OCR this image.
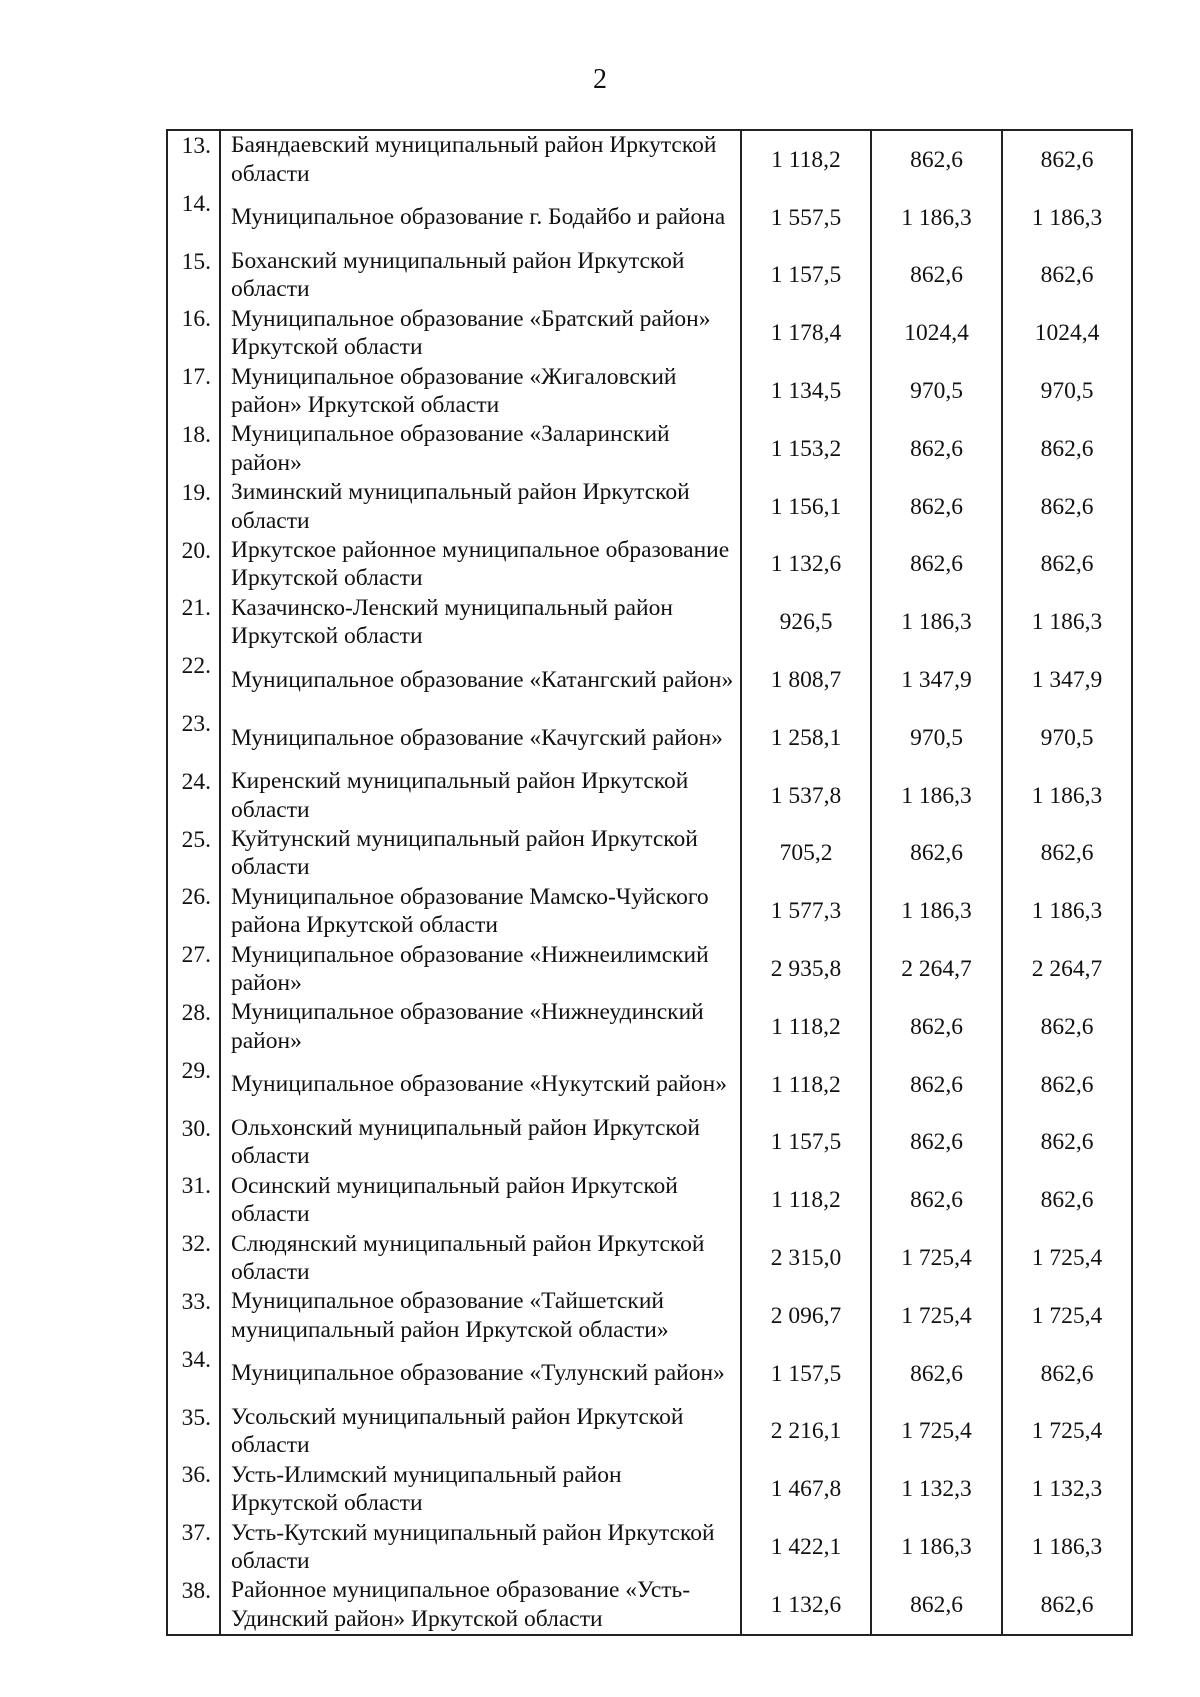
2
13.	Баяндаевский муниципальный район Иркутской области	1 118,2	862,6	862,6
14.	Муниципальное образование г. Бодайбо и района	1 557,5	1 186,3	1 186,3
15.	Боханский муниципальный район Иркутской области	1 157,5	862,6	862,6
16.	Муниципальное образование «Братский район» Иркутской области	1 178,4	1024,4	1024,4
17.	Муниципальное образование «Жигаловский район» Иркутской области	1 134,5	970,5	970,5
18.	Муниципальное образование «Заларинский район»	1 153,2	862,6	862,6
19.	Зиминский муниципальный район Иркутской области	1 156,1	862,6	862,6
20.	Иркутское районное муниципальное образование Иркутской области	1 132,6	862,6	862,6
21.	Казачинско-Ленский муниципальный район Иркутской области	926,5	1 186,3	1 186,3
22.	Муниципальное образование «Катангский район»	1 808,7	1 347,9	1 347,9
23.	Муниципальное образование «Качугский район»	1 258,1	970,5	970,5
24.	Киренский муниципальный район Иркутской области	1 537,8	1 186,3	1 186,3
25.	Куйтунский муниципальный район Иркутской области	705,2	862,6	862,6
26.	Муниципальное образование Мамско-Чуйского района Иркутской области	1 577,3	1 186,3	1 186,3
27.	Муниципальное образование «Нижнеилимский район»	2 935,8	2 264,7	2 264,7
28.	Муниципальное образование «Нижнеудинский район»	1 118,2	862,6	862,6
29.	Муниципальное образование «Нукутский район»	1 118,2	862,6	862,6
30.	Ольхонский муниципальный район Иркутской области	1 157,5	862,6	862,6
31.	Осинский муниципальный район Иркутской области	1 118,2	862,6	862,6
32.	Слюдянский муниципальный район Иркутской области	2 315,0	1 725,4	1 725,4
33.	Муниципальное образование «Тайшетский муниципальный район Иркутской области»	2 096,7	1 725,4	1 725,4
34.	Муниципальное образование «Тулунский район»	1 157,5	862,6	862,6
35.	Усольский муниципальный район Иркутской области	2 216,1	1 725,4	1 725,4
36.	Усть-Илимский муниципальный район Иркутской области	1 467,8	1 132,3	1 132,3
37.	Усть-Кутский муниципальный район Иркутской области	1 422,1	1 186,3	1 186,3
38.	Районное муниципальное образование «Усть-Удинский район» Иркутской области	1 132,6	862,6	862,6
